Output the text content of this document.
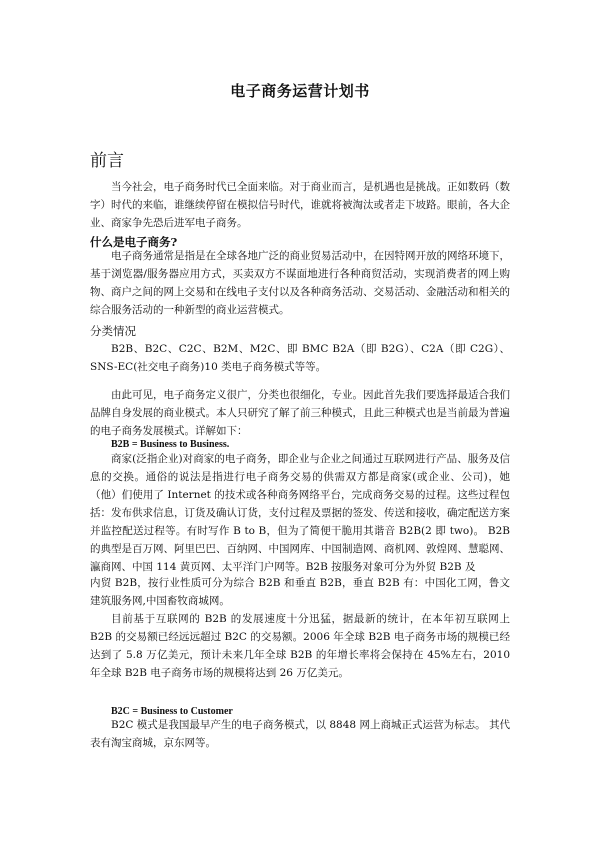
电子商务运营计划书
前言

当今社会，电子商务时代已全面来临。对于商业而言，是机遇也是挑战。正如数码（数字）时代的来临，谁继续停留在模拟信号时代，谁就将被淘汰或者走下坡路。眼前，各大企业、商家争先恐后进军电子商务。

什么是电子商务?

电子商务通常是指是在全球各地广泛的商业贸易活动中，在因特网开放的网络环境下，基于浏览器/服务器应用方式，买卖双方不谋面地进行各种商贸活动，实现消费者的网上购物、商户之间的网上交易和在线电子支付以及各种商务活动、交易活动、金融活动和相关的综合服务活动的一种新型的商业运营模式。

分类情况

B2B、B2C、C2C、B2M、M2C、即 BMC B2A（即 B2G）、C2A（即 C2G）、SNS-EC(社交电子商务)10 类电子商务模式等等。

由此可见，电子商务定义很广，分类也很细化，专业。因此首先我们要选择最适合我们品牌自身发展的商业模式。本人只研究了解了前三种模式，且此三种模式也是当前最为普遍的电子商务发展模式。详解如下：

B2B = Business to Business.

商家(泛指企业)对商家的电子商务，即企业与企业之间通过互联网进行产品、服务及信息的交换。通俗的说法是指进行电子商务交易的供需双方都是商家(或企业、公司)，她（他）们使用了 Internet 的技术或各种商务网络平台，完成商务交易的过程。这些过程包括：发布供求信息，订货及确认订货，支付过程及票据的签发、传送和接收，确定配送方案并监控配送过程等。有时写作 B to B，但为了简便干脆用其谐音 B2B(2 即 two)。 B2B 的典型是百万网、阿里巴巴、百纳网、中国网库、中国制造网、商机网、敦煌网、慧聪网、瀛商网、中国 114 黄页网、太平洋门户网等。B2B 按服务对象可分为外贸 B2B 及

内贸 B2B，按行业性质可分为综合 B2B 和垂直 B2B，垂直 B2B 有：中国化工网，鲁文建筑服务网,中国畜牧商城网。

目前基于互联网的 B2B 的发展速度十分迅猛，据最新的统计，在本年初互联网上 B2B 的交易额已经远远超过 B2C 的交易额。2006 年全球 B2B 电子商务市场的规模已经达到了 5.8 万亿美元，预计未来几年全球 B2B 的年增长率将会保持在 45%左右，2010 年全球 B2B 电子商务市场的规模将达到 26 万亿美元。

B2C = Business to Customer

B2C 模式是我国最早产生的电子商务模式，以 8848 网上商城正式运营为标志。 其代表有淘宝商城，京东网等。
